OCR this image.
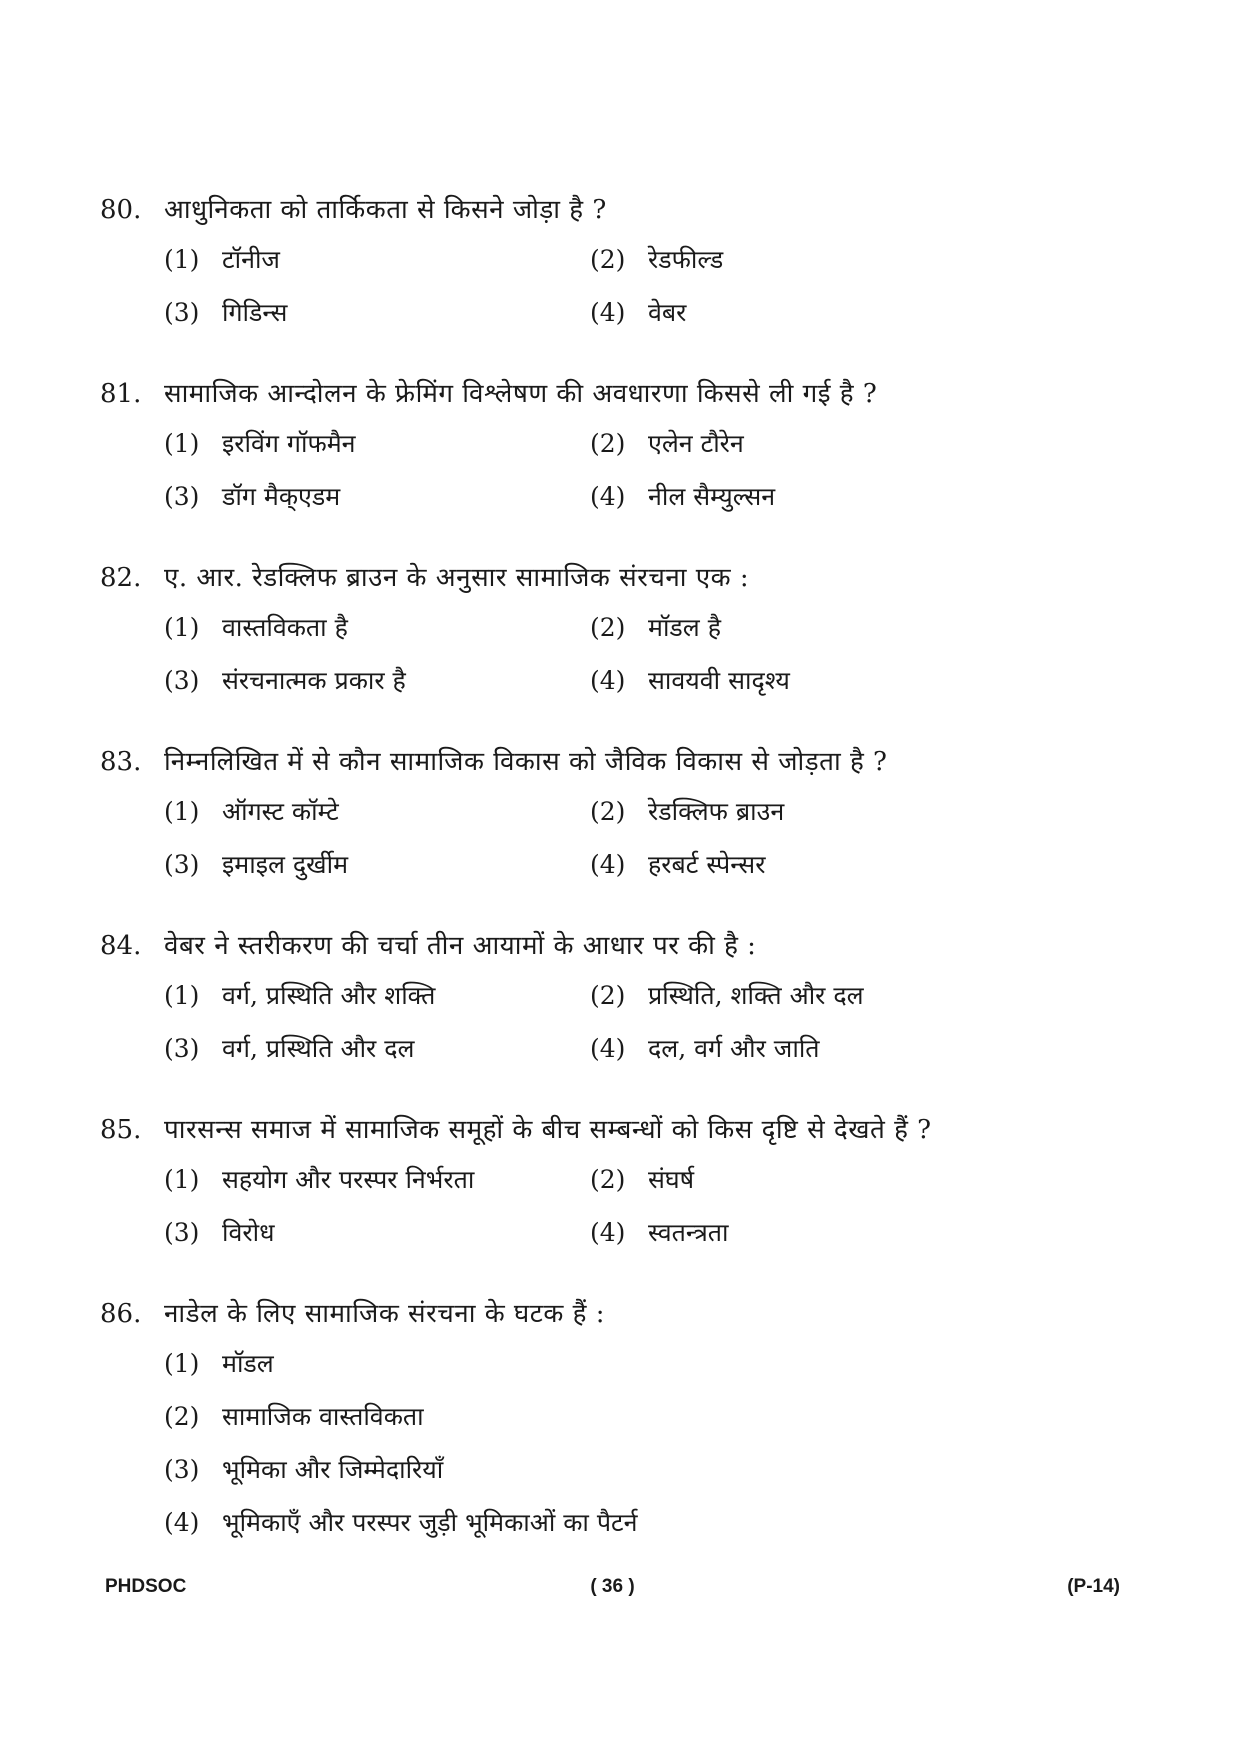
80. आधुनिकता को तार्किकता से किसने जोड़ा है ?
(1) टॉनीज	(2) रेडफील्ड
(3) गिडिन्स	(4) वेबर
81. सामाजिक आन्दोलन के फ्रेमिंग विश्लेषण की अवधारणा किससे ली गई है ?
(1) इरविंग गॉफमैन	(2) एलेन टौरेन
(3) डॉग मैक्एडम	(4) नील सैम्युल्सन
82. ए. आर. रेडक्लिफ ब्राउन के अनुसार सामाजिक संरचना एक :
(1) वास्तविकता है	(2) मॉडल है
(3) संरचनात्मक प्रकार है	(4) सावयवी सादृश्य
83. निम्नलिखित में से कौन सामाजिक विकास को जैविक विकास से जोड़ता है ?
(1) ऑगस्ट कॉम्टे	(2) रेडक्लिफ ब्राउन
(3) इमाइल दुर्खीम	(4) हरबर्ट स्पेन्सर
84. वेबर ने स्तरीकरण की चर्चा तीन आयामों के आधार पर की है :
(1) वर्ग, प्रस्थिति और शक्ति	(2) प्रस्थिति, शक्ति और दल
(3) वर्ग, प्रस्थिति और दल	(4) दल, वर्ग और जाति
85. पारसन्स समाज में सामाजिक समूहों के बीच सम्बन्धों को किस दृष्टि से देखते हैं ?
(1) सहयोग और परस्पर निर्भरता	(2) संघर्ष
(3) विरोध	(4) स्वतन्त्रता
86. नाडेल के लिए सामाजिक संरचना के घटक हैं :
(1) मॉडल
(2) सामाजिक वास्तविकता
(3) भूमिका और जिम्मेदारियाँ
(4) भूमिकाएँ और परस्पर जुड़ी भूमिकाओं का पैटर्न
PHDSOC	( 36 )	(P-14)
